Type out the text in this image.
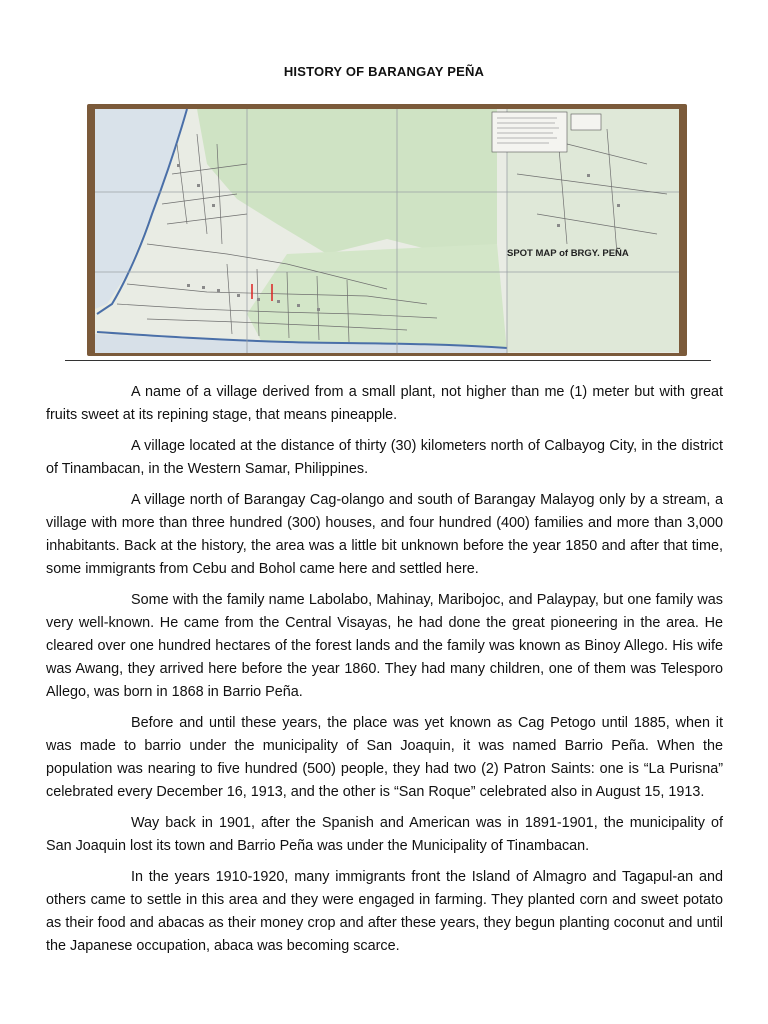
HISTORY OF BARANGAY PEÑA
SPOT MAP of BRGY. PEÑA

A name of a village derived from a small plant, not higher than me (1) meter but with great fruits sweet at its repining stage, that means pineapple.

A village located at the distance of thirty (30) kilometers north of Calbayog City, in the district of Tinambacan, in the Western Samar, Philippines.

A village north of Barangay Cag-olango and south of Barangay Malayog only by a stream, a village with more than three hundred (300) houses, and four hundred (400) families and more than 3,000 inhabitants. Back at the history, the area was a little bit unknown before the year 1850 and after that time, some immigrants from Cebu and Bohol came here and settled here.

Some with the family name Labolabo, Mahinay, Maribojoc, and Palaypay, but one family was very well-known. He came from the Central Visayas, he had done the great pioneering in the area. He cleared over one hundred hectares of the forest lands and the family was known as Binoy Allego. His wife was Awang, they arrived here before the year 1860. They had many children, one of them was Telesporo Allego, was born in 1868 in Barrio Peña.

Before and until these years, the place was yet known as Cag Petogo until 1885, when it was made to barrio under the municipality of San Joaquin, it was named Barrio Peña. When the population was nearing to five hundred (500) people, they had two (2) Patron Saints: one is “La Purisna” celebrated every December 16, 1913, and the other is “San Roque” celebrated also in August 15, 1913.

Way back in 1901, after the Spanish and American was in 1891-1901, the municipality of San Joaquin lost its town and Barrio Peña was under the Municipality of Tinambacan.

In the years 1910-1920, many immigrants front the Island of Almagro and Tagapul-an and others came to settle in this area and they were engaged in farming. They planted corn and sweet potato as their food and abacas as their money crop and after these years, they begun planting coconut and until the Japanese occupation, abaca was becoming scarce.
